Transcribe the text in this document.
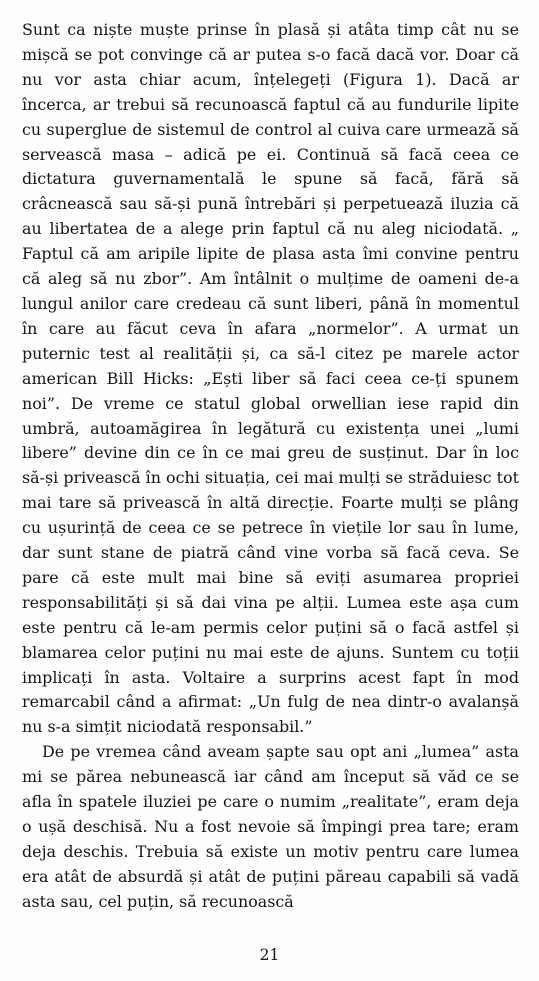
Sunt ca niște muște prinse în plasă și atâta timp cât nu se mișcă se pot convinge că ar putea s-o facă dacă vor. Doar că nu vor asta chiar acum, înțelegeți (Figura 1). Dacă ar încerca, ar trebui să recunoască faptul că au fundurile lipite cu superglue de sistemul de control al cuiva care urmează să servească masa – adică pe ei. Continuă să facă ceea ce dictatura guvernamentală le spune să facă, fără să crâcnească sau să-și pună întrebări și perpetuează iluzia că au libertatea de a alege prin faptul că nu aleg niciodată. „ Faptul că am aripile lipite de plasa asta îmi convine pentru că aleg să nu zbor”. Am întâlnit o mulțime de oameni de-a lungul anilor care credeau că sunt liberi, până în momentul în care au făcut ceva în afara „normelor”. A urmat un puternic test al realității și, ca să-l citez pe marele actor american Bill Hicks: „Ești liber să faci ceea ce-ți spunem noi”. De vreme ce statul global orwellian iese rapid din umbră, autoamăgirea în legătură cu existența unei „lumi libere” devine din ce în ce mai greu de susținut. Dar în loc să-și privească în ochi situația, cei mai mulți se străduiesc tot mai tare să privească în altă direcție. Foarte mulți se plâng cu ușurință de ceea ce se petrece în viețile lor sau în lume, dar sunt stane de piatră când vine vorba să facă ceva. Se pare că este mult mai bine să eviți asumarea propriei responsabilități și să dai vina pe alții. Lumea este așa cum este pentru că le-am permis celor puțini să o facă astfel și blamarea celor puțini nu mai este de ajuns. Suntem cu toții implicați în asta. Voltaire a surprins acest fapt în mod remarcabil când a afirmat: „Un fulg de nea dintr-o avalanșă nu s-a simțit niciodată responsabil.”

De pe vremea când aveam șapte sau opt ani „lumea” asta mi se părea nebunească iar când am început să văd ce se afla în spatele iluziei pe care o numim „realitate”, eram deja o ușă deschisă. Nu a fost nevoie să împingi prea tare; eram deja deschis. Trebuia să existe un motiv pentru care lumea era atât de absurdă și atât de puțini păreau capabili să vadă asta sau, cel puțin, să recunoască

21
